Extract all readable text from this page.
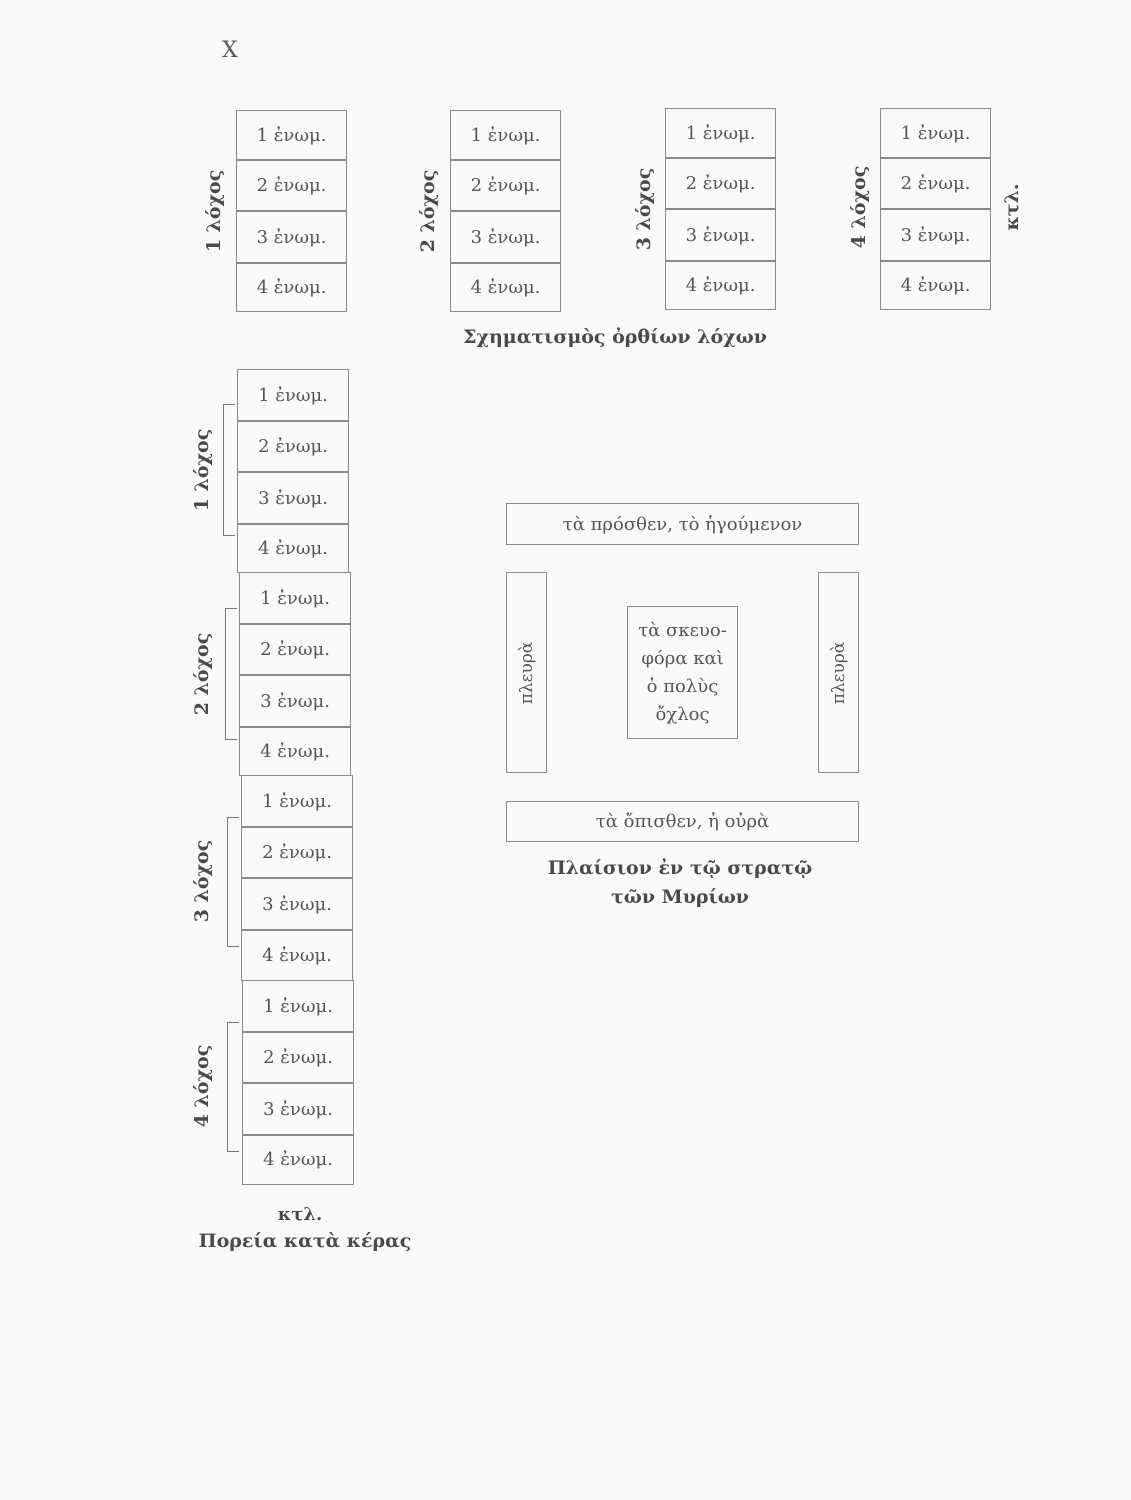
X
1 λόχος
1 ἐνωμ.
2 ἐνωμ.
3 ἐνωμ.
4 ἐνωμ.
2 λόχος
1 ἐνωμ.
2 ἐνωμ.
3 ἐνωμ.
4 ἐνωμ.
3 λόχος
1 ἐνωμ.
2 ἐνωμ.
3 ἐνωμ.
4 ἐνωμ.
4 λόχος
1 ἐνωμ.
2 ἐνωμ.
3 ἐνωμ.
4 ἐνωμ.
κτλ.
Σχηματισμὸς ὀρθίων λόχων
1 λόχος
1 ἐνωμ.
2 ἐνωμ.
3 ἐνωμ.
4 ἐνωμ.
2 λόχος
1 ἐνωμ.
2 ἐνωμ.
3 ἐνωμ.
4 ἐνωμ.
3 λόχος
1 ἐνωμ.
2 ἐνωμ.
3 ἐνωμ.
4 ἐνωμ.
4 λόχος
1 ἐνωμ.
2 ἐνωμ.
3 ἐνωμ.
4 ἐνωμ.
κτλ.
Πορεία κατὰ κέρας
τὰ πρόσθεν, τὸ ἡγούμενον
πλευρὰ	πλευρὰ
τὰ σκευο-
φόρα καὶ
ὁ πολὺς
ὄχλος
τὰ ὄπισθεν, ἡ οὐρὰ
Πλαίσιον ἐν τῷ στρατῷ
τῶν Μυρίων
